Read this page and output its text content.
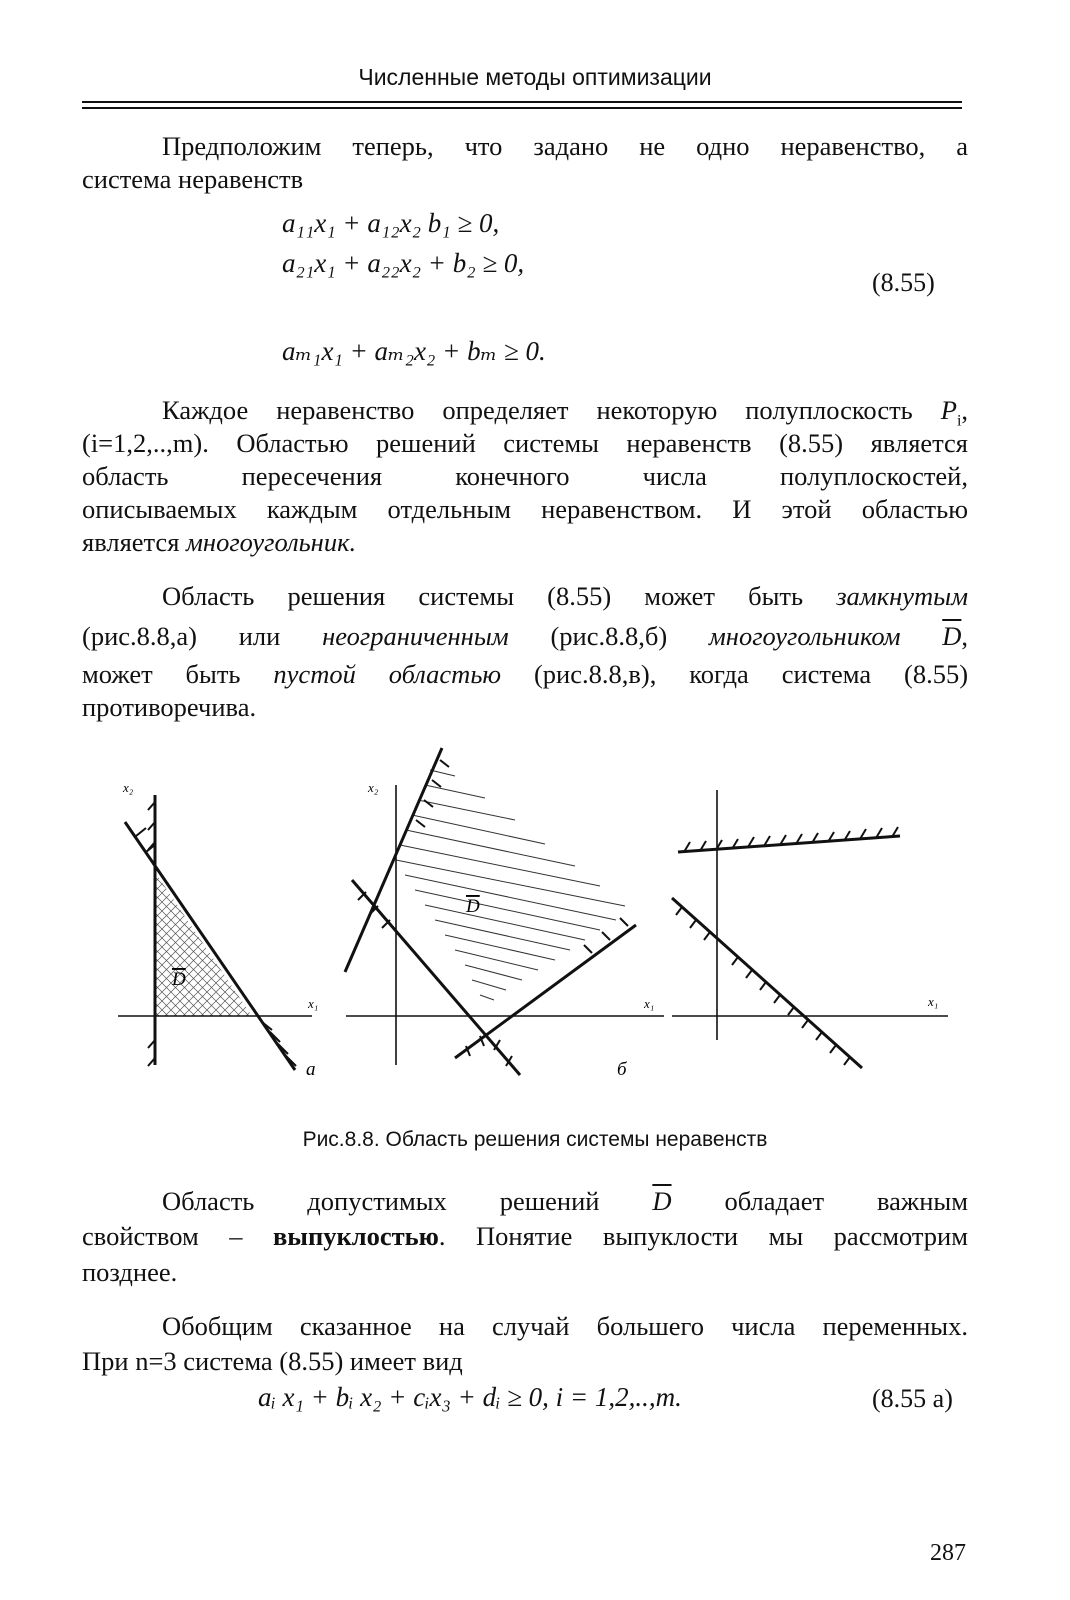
Численные методы оптимизации
Предположим теперь, что задано не одно неравенство, а
система неравенств
a₁₁x₁ + a₁₂x₂ b₁ ≥ 0,
a₂₁x₁ + a₂₂x₂ + b₂ ≥ 0,
(8.55)
aₘ₁x₁ + aₘ₂x₂ + bₘ ≥ 0.
Каждое неравенство определяет некоторую полуплоскость $P_i$,
(i=1,2,..,m). Областью решений системы неравенств (8.55) является
область пересечения конечного числа полуплоскостей,
описываемых каждым отдельным неравенством. И этой областью
является многоугольник.
Область решения системы (8.55) может быть замкнутым
(рис.8.8,а) или неограниченным (рис.8.8,б) многоугольником $\overline{D}$,
может быть пустой областью (рис.8.8,в), когда система (8.55)
противоречива.
x₂
x₁
D
а
x₂
x₁
D
б
x₁
Рис.8.8. Область решения системы неравенств
Область допустимых решений $\overline{D}$ обладает важным
свойством – выпуклостью. Понятие выпуклости мы рассмотрим
позднее.
Обобщим сказанное на случай большего числа переменных.
При n=3 система (8.55) имеет вид
aᵢ x₁ + bᵢ x₂ + cᵢx₃ + dᵢ ≥ 0, i = 1,2,..,m.	(8.55 а)
287
